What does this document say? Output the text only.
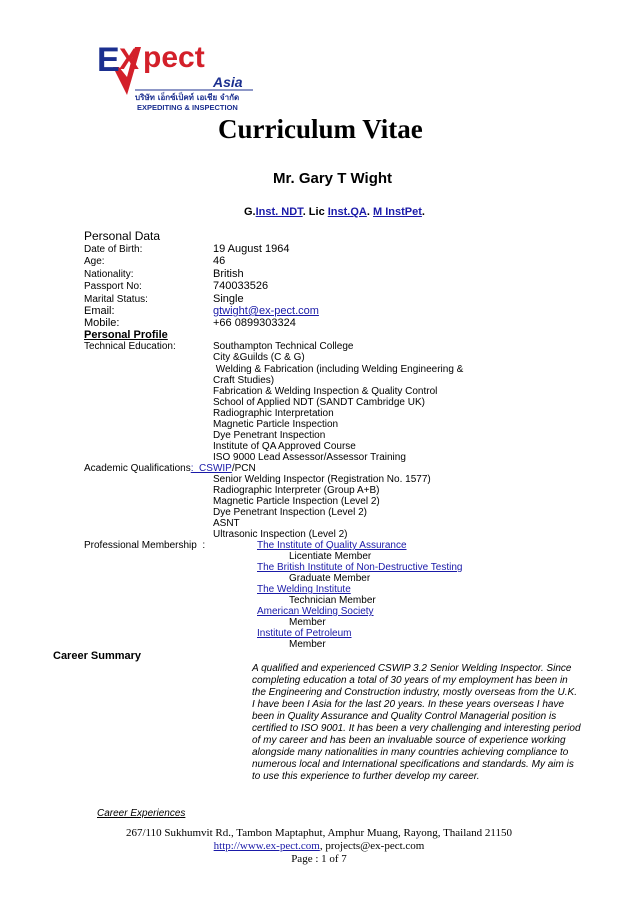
E X pect
Asia
บริษัท เอ็กซ์เป็คท์ เอเชีย จำกัด
EXPEDITING & INSPECTION
Curriculum Vitae
Mr. Gary T Wight
G.Inst. NDT. Lic Inst.QA. M InstPet.
Personal Data
Date of Birth:	19 August 1964
Age:	46
Nationality:	British
Passport No:	740033526
Marital Status:	Single
Email:	gtwight@ex-pect.com
Mobile:	+66 0899303324
Personal Profile
Technical Education:	Southampton Technical College
City &Guilds (C & G)
Welding & Fabrication (including Welding Engineering &
Craft Studies)
Fabrication & Welding Inspection & Quality Control
School of Applied NDT (SANDT Cambridge UK)
Radiographic Interpretation
Magnetic Particle Inspection
Dye Penetrant Inspection
Institute of QA Approved Course
ISO 9000 Lead Assessor/Assessor Training
Academic Qualifications:  CSWIP/PCN
Senior Welding Inspector (Registration No. 1577)
Radiographic Interpreter (Group A+B)
Magnetic Particle Inspection (Level 2)
Dye Penetrant Inspection (Level 2)
ASNT
Ultrasonic Inspection (Level 2)
Professional Membership  :	The Institute of Quality Assurance
Licentiate Member
The British Institute of Non-Destructive Testing
Graduate Member
The Welding Institute
Technician Member
American Welding Society
Member
Institute of Petroleum
Member
Career Summary
A qualified and experienced CSWIP 3.2 Senior Welding Inspector. Since completing education a total of 30 years of my employment has been in the Engineering and Construction industry, mostly overseas from the U.K. I have been I Asia for the last 20 years. In these years overseas I have been in Quality Assurance and Quality Control Managerial position is certified to ISO 9001. It has been a very challenging and interesting period of my career and has been an invaluable source of experience working alongside many nationalities in many countries achieving compliance to numerous local and International specifications and standards. My aim is to use this experience to further develop my career.
Career Experiences
267/110 Sukhumvit Rd., Tambon Maptaphut, Amphur Muang, Rayong, Thailand 21150
http://www.ex-pect.com, projects@ex-pect.com
Page : 1 of 7
